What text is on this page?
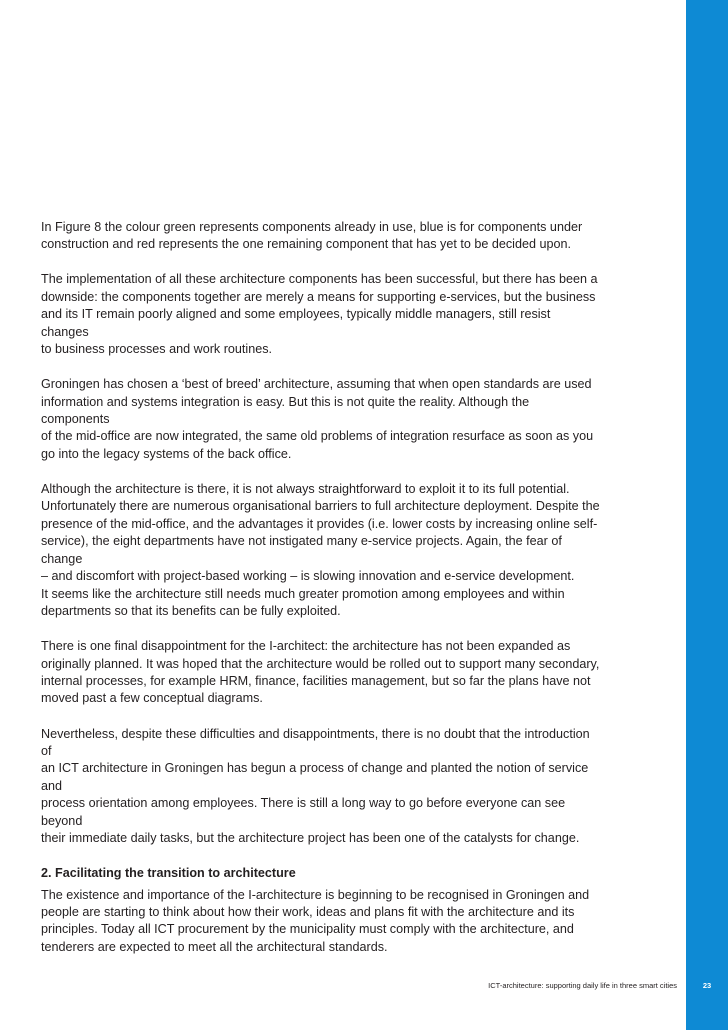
In Figure 8 the colour green represents components already in use, blue is for components under
construction and red represents the one remaining component that has yet to be decided upon.

The implementation of all these architecture components has been successful, but there has been a
downside: the components together are merely a means for supporting e-services, but the business
and its IT remain poorly aligned and some employees, typically middle managers, still resist changes
to business processes and work routines.

Groningen has chosen a ‘best of breed’ architecture, assuming that when open standards are used
information and systems integration is easy. But this is not quite the reality. Although the components
of the mid-office are now integrated, the same old problems of integration resurface as soon as you
go into the legacy systems of the back office.

Although the architecture is there, it is not always straightforward to exploit it to its full potential.
Unfortunately there are numerous organisational barriers to full architecture deployment. Despite the
presence of the mid-office, and the advantages it provides (i.e. lower costs by increasing online self-
service), the eight departments have not instigated many e-service projects. Again, the fear of change
– and discomfort with project-based working – is slowing innovation and e-service development.
It seems like the architecture still needs much greater promotion among employees and within
departments so that its benefits can be fully exploited.

There is one final disappointment for the I-architect: the architecture has not been expanded as
originally planned. It was hoped that the architecture would be rolled out to support many secondary,
internal processes, for example HRM, finance, facilities management, but so far the plans have not
moved past a few conceptual diagrams.

Nevertheless, despite these difficulties and disappointments, there is no doubt that the introduction of
an ICT architecture in Groningen has begun a process of change and planted the notion of service and
process orientation among employees. There is still a long way to go before everyone can see beyond
their immediate daily tasks, but the architecture project has been one of the catalysts for change.

2. Facilitating the transition to architecture

The existence and importance of the I-architecture is beginning to be recognised in Groningen and
people are starting to think about how their work, ideas and plans fit with the architecture and its
principles. Today all ICT procurement by the municipality must comply with the architecture, and
tenderers are expected to meet all the architectural standards.

ICT-architecture: supporting daily life in three smart cities	23
